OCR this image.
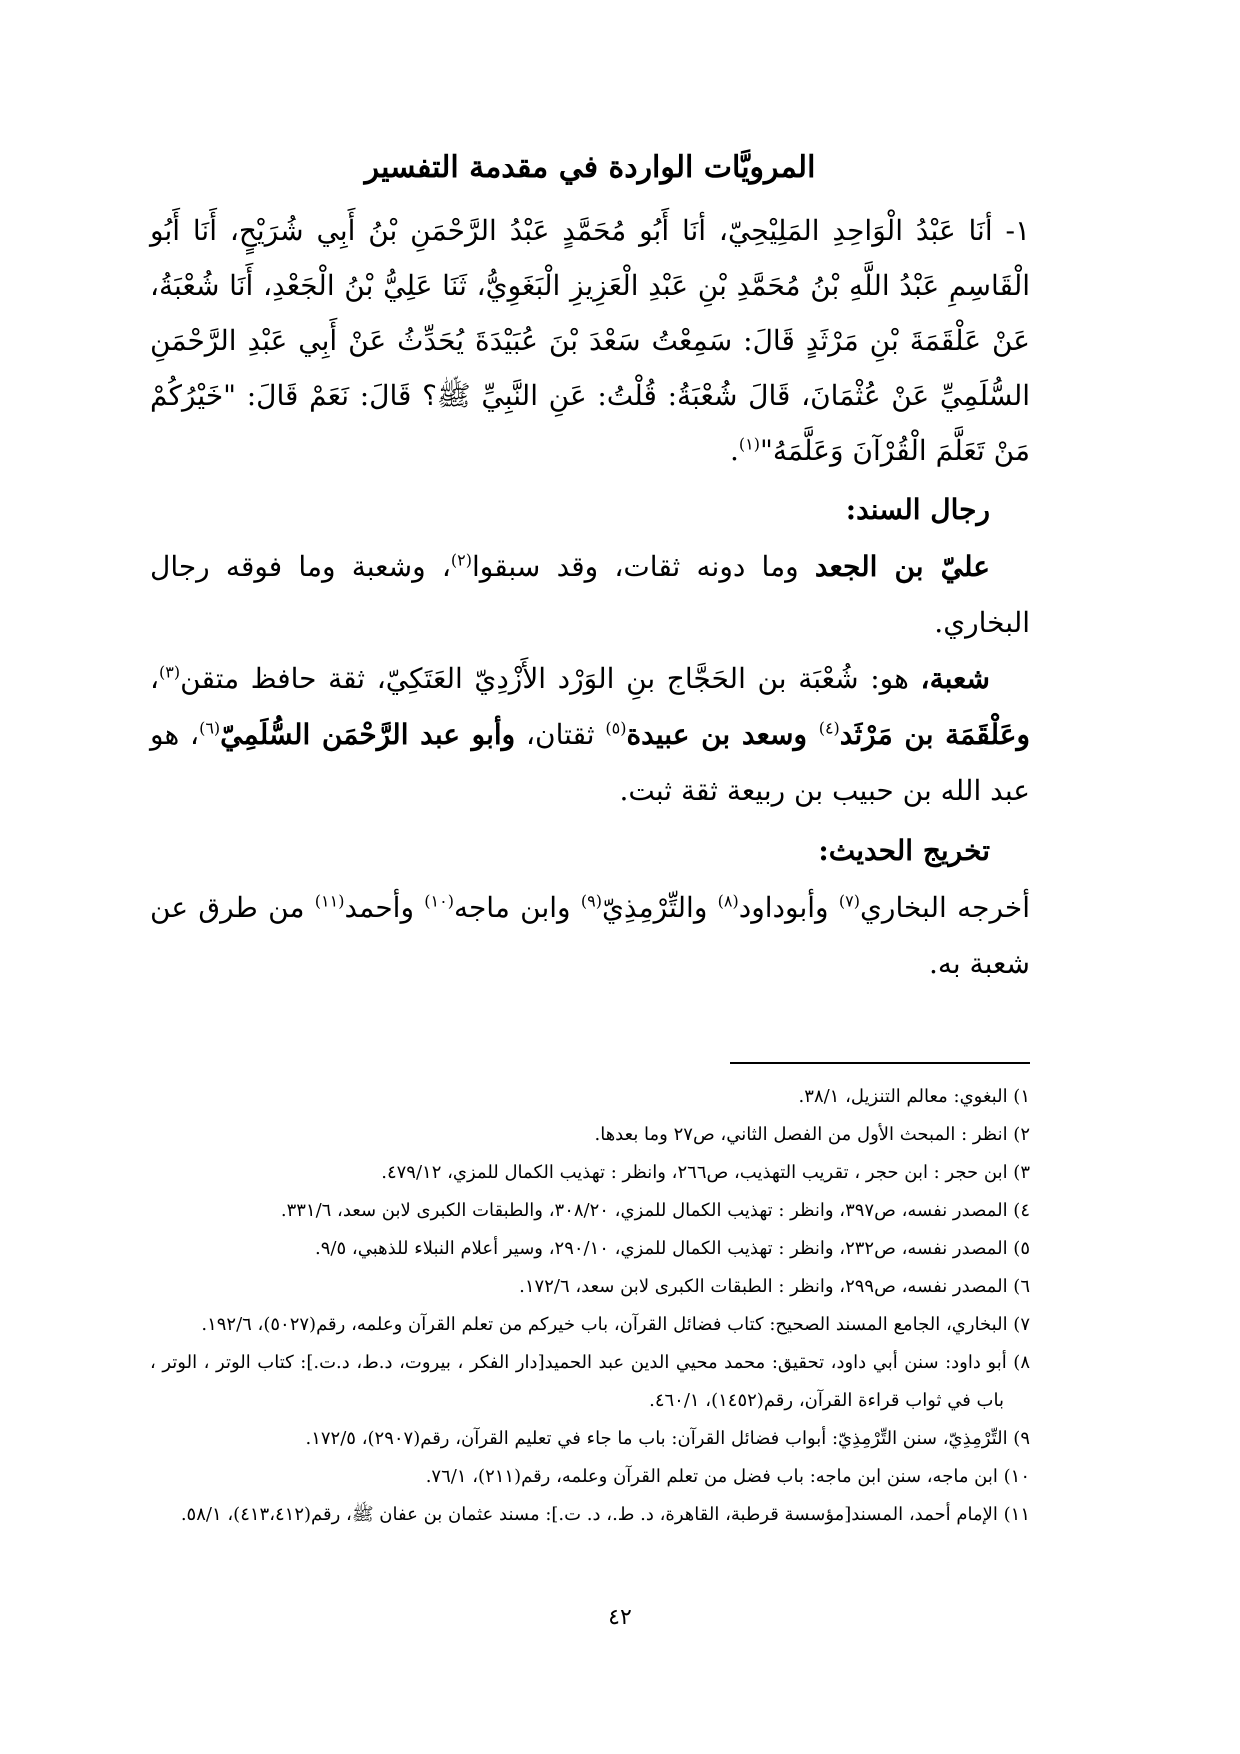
المرويَّات الواردة في مقدمة التفسير

١- أنَا عَبْدُ الْوَاحِدِ المَلِيْحِيّ، أنَا أَبُو مُحَمَّدٍ عَبْدُ الرَّحْمَنِ بْنُ أَبِي شُرَيْحٍ، أَنَا أَبُو الْقَاسِمِ عَبْدُ اللَّهِ بْنُ مُحَمَّدِ بْنِ عَبْدِ الْعَزِيزِ الْبَغَوِيُّ، ثَنَا عَلِيُّ بْنُ الْجَعْدِ، أَنَا شُعْبَةُ، عَنْ عَلْقَمَةَ بْنِ مَرْثَدٍ قَالَ: سَمِعْتُ سَعْدَ بْنَ عُبَيْدَةَ يُحَدِّثُ عَنْ أَبِي عَبْدِ الرَّحْمَنِ السُّلَمِيِّ عَنْ عُثْمَانَ، قَالَ شُعْبَةُ: قُلْتُ: عَنِ النَّبِيِّ ﷺ؟ قَالَ: نَعَمْ قَالَ: "خَيْرُكُمْ مَنْ تَعَلَّمَ الْقُرْآنَ وَعَلَّمَهُ"$^{(١)}$.

رجال السند:

عليّ بن الجعد وما دونه ثقات، وقد سبقوا$^{(٢)}$، وشعبة وما فوقه رجال البخاري.

شعبة، هو: شُعْبَة بن الحَجَّاج بنِ الوَرْد الأَزْدِيّ العَتَكِيّ، ثقة حافظ متقن$^{(٣)}$، وعَلْقَمَة بن مَرْثَد$^{(٤)}$ وسعد بن عبيدة$^{(٥)}$ ثقتان، وأبو عبد الرَّحْمَن السُّلَمِيّ$^{(٦)}$، هو عبد الله بن حبيب بن ربيعة ثقة ثبت.

تخريج الحديث:

أخرجه البخاري$^{(٧)}$ وأبوداود$^{(٨)}$ والتِّرْمِذِيّ$^{(٩)}$ وابن ماجه$^{(١٠)}$ وأحمد$^{(١١)}$ من طرق عن شعبة به.

١) البغوي: معالم التنزيل، ٣٨/١.

٢) انظر : المبحث الأول من الفصل الثاني، ص٢٧ وما بعدها.

٣) ابن حجر : ابن حجر ، تقريب التهذيب، ص٢٦٦، وانظر : تهذيب الكمال للمزي، ٤٧٩/١٢.

٤) المصدر نفسه، ص٣٩٧، وانظر : تهذيب الكمال للمزي، ٣٠٨/٢٠، والطبقات الكبرى لابن سعد، ٣٣١/٦.

٥) المصدر نفسه، ص٢٣٢، وانظر : تهذيب الكمال للمزي، ٢٩٠/١٠، وسير أعلام النبلاء للذهبي، ٩/٥.

٦) المصدر نفسه، ص٢٩٩، وانظر : الطبقات الكبرى لابن سعد، ١٧٢/٦.

٧) البخاري، الجامع المسند الصحيح: كتاب فضائل القرآن، باب خيركم من تعلم القرآن وعلمه، رقم(٥٠٢٧)، ١٩٢/٦.

٨) أبو داود: سنن أبي داود، تحقيق: محمد محيي الدين عبد الحميد[دار الفكر ، بيروت، د.ط، د.ت.]: كتاب الوتر ، الوتر ، باب في ثواب قراءة القرآن، رقم(١٤٥٢)، ٤٦٠/١.

٩) التِّرْمِذِيّ، سنن التِّرْمِذِيّ: أبواب فضائل القرآن: باب ما جاء في تعليم القرآن، رقم(٢٩٠٧)، ١٧٢/٥.

١٠) ابن ماجه، سنن ابن ماجه: باب فضل من تعلم القرآن وعلمه، رقم(٢١١)، ٧٦/١.

١١) الإمام أحمد، المسند[مؤسسة قرطبة، القاهرة، د. ط.، د. ت.]: مسند عثمان بن عفان ﷺ، رقم(٤١٣،٤١٢)، ٥٨/١.

٤٢
